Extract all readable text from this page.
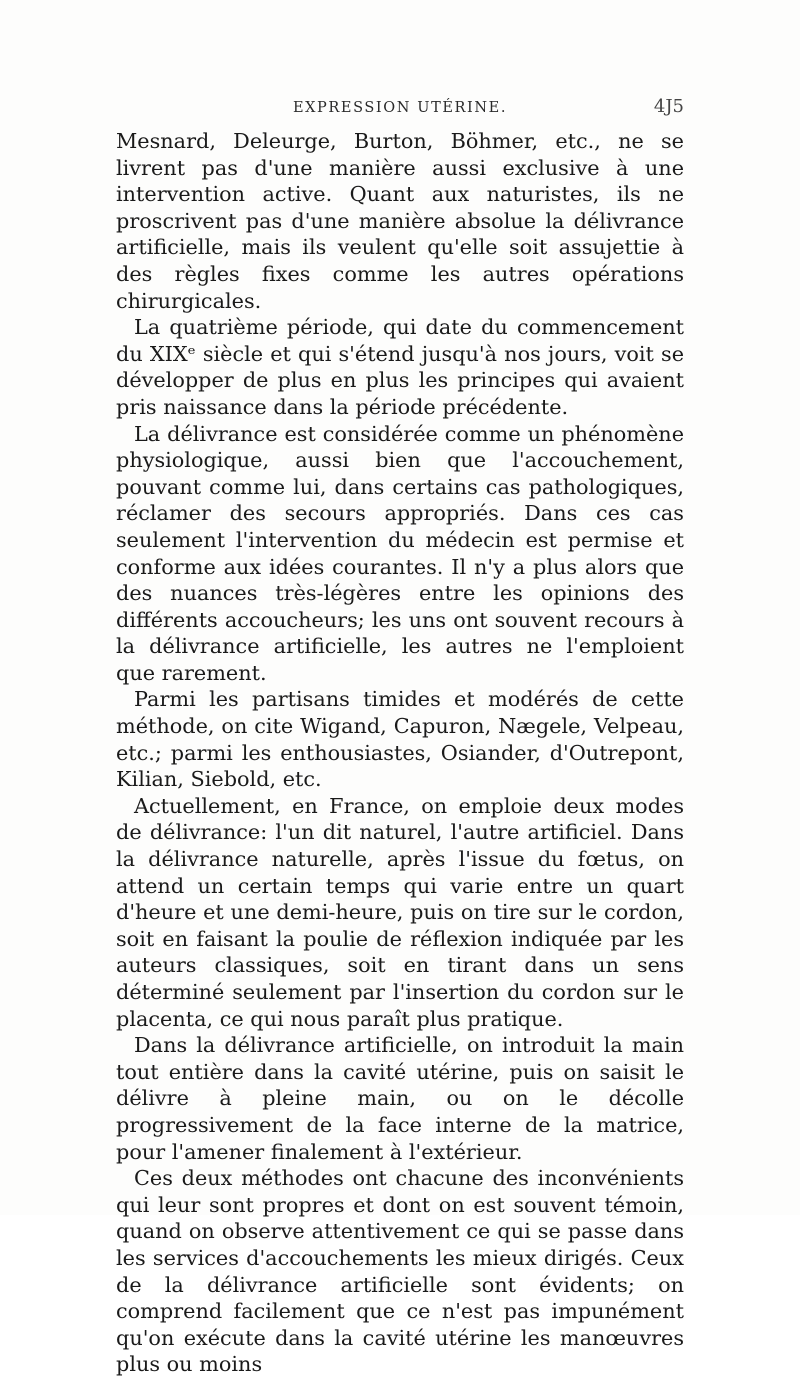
EXPRESSION UTÉRINE.	4J5

Mesnard, Deleurge, Burton, Böhmer, etc., ne se livrent pas d'une manière aussi exclusive à une intervention active. Quant aux naturistes, ils ne proscrivent pas d'une manière absolue la délivrance artificielle, mais ils veulent qu'elle soit assujettie à des règles fixes comme les autres opérations chirurgicales.

La quatrième période, qui date du commencement du XIXᵉ siècle et qui s'étend jusqu'à nos jours, voit se développer de plus en plus les principes qui avaient pris naissance dans la période précédente.

La délivrance est considérée comme un phénomène physiologique, aussi bien que l'accouchement, pouvant comme lui, dans certains cas pathologiques, réclamer des secours appropriés. Dans ces cas seulement l'intervention du médecin est permise et conforme aux idées courantes. Il n'y a plus alors que des nuances très-légères entre les opinions des différents accoucheurs; les uns ont souvent recours à la délivrance artificielle, les autres ne l'emploient que rarement.

Parmi les partisans timides et modérés de cette méthode, on cite Wigand, Capuron, Nægele, Velpeau, etc.; parmi les enthousiastes, Osiander, d'Outrepont, Kilian, Siebold, etc.

Actuellement, en France, on emploie deux modes de délivrance: l'un dit naturel, l'autre artificiel. Dans la délivrance naturelle, après l'issue du fœtus, on attend un certain temps qui varie entre un quart d'heure et une demi-heure, puis on tire sur le cordon, soit en faisant la poulie de réflexion indiquée par les auteurs classiques, soit en tirant dans un sens déterminé seulement par l'insertion du cordon sur le placenta, ce qui nous paraît plus pratique.

Dans la délivrance artificielle, on introduit la main tout entière dans la cavité utérine, puis on saisit le délivre à pleine main, ou on le décolle progressivement de la face interne de la matrice, pour l'amener finalement à l'extérieur.

Ces deux méthodes ont chacune des inconvénients qui leur sont propres et dont on est souvent témoin, quand on observe attentivement ce qui se passe dans les services d'accouchements les mieux dirigés. Ceux de la délivrance artificielle sont évidents; on comprend facilement que ce n'est pas impunément qu'on exécute dans la cavité utérine les manœuvres plus ou moins
